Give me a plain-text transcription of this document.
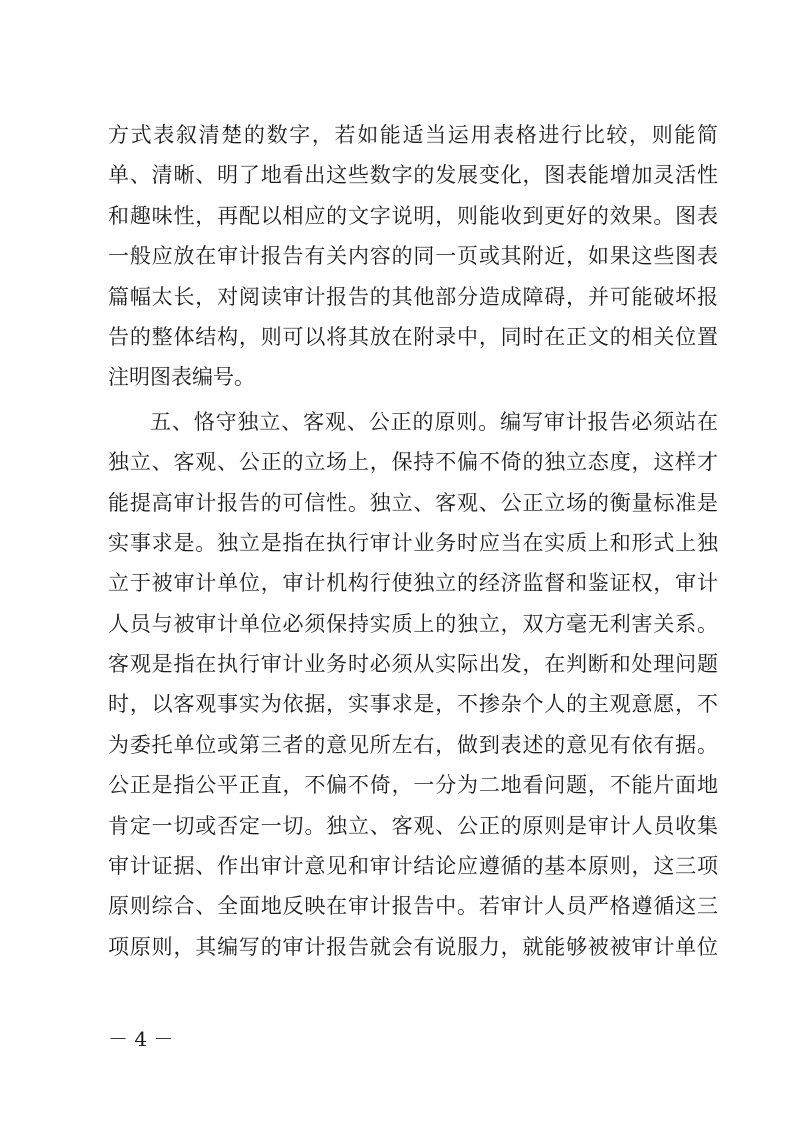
方式表叙清楚的数字，若如能适当运用表格进行比较，则能简
单、清晰、明了地看出这些数字的发展变化，图表能增加灵活性
和趣味性，再配以相应的文字说明，则能收到更好的效果。图表
一般应放在审计报告有关内容的同一页或其附近，如果这些图表
篇幅太长，对阅读审计报告的其他部分造成障碍，并可能破坏报
告的整体结构，则可以将其放在附录中，同时在正文的相关位置
注明图表编号。
五、恪守独立、客观、公正的原则。编写审计报告必须站在
独立、客观、公正的立场上，保持不偏不倚的独立态度，这样才
能提高审计报告的可信性。独立、客观、公正立场的衡量标准是
实事求是。独立是指在执行审计业务时应当在实质上和形式上独
立于被审计单位，审计机构行使独立的经济监督和鉴证权，审计
人员与被审计单位必须保持实质上的独立，双方毫无利害关系。
客观是指在执行审计业务时必须从实际出发，在判断和处理问题
时，以客观事实为依据，实事求是，不掺杂个人的主观意愿，不
为委托单位或第三者的意见所左右，做到表述的意见有依有据。
公正是指公平正直，不偏不倚，一分为二地看问题，不能片面地
肯定一切或否定一切。独立、客观、公正的原则是审计人员收集
审计证据、作出审计意见和审计结论应遵循的基本原则，这三项
原则综合、全面地反映在审计报告中。若审计人员严格遵循这三
项原则，其编写的审计报告就会有说服力，就能够被被审计单位
－ 4 －
